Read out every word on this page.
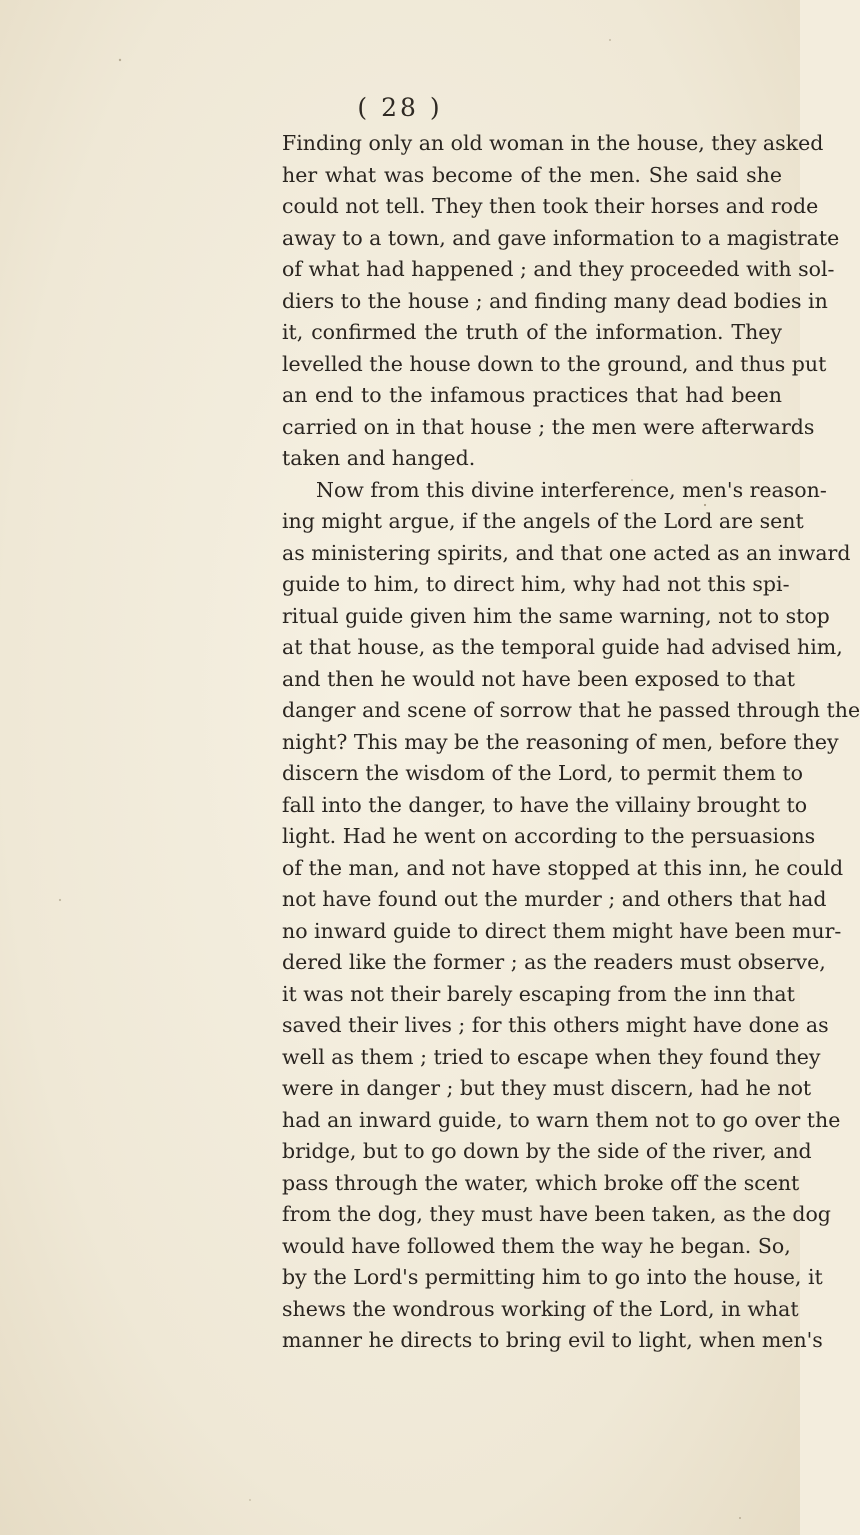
( 28 )
Finding only an old woman in the house, they asked
her what was become of the men. She said she
could not tell. They then took their horses and rode
away to a town, and gave information to a magistrate
of what had happened ; and they proceeded with sol-
diers to the house ; and finding many dead bodies in
it, confirmed the truth of the information. They
levelled the house down to the ground, and thus put
an end to the infamous practices that had been
carried on in that house ; the men were afterwards
taken and hanged.
Now from this divine interference, men's reason-
ing might argue, if the angels of the Lord are sent
as ministering spirits, and that one acted as an inward
guide to him, to direct him, why had not this spi-
ritual guide given him the same warning, not to stop
at that house, as the temporal guide had advised him,
and then he would not have been exposed to that
danger and scene of sorrow that he passed through the
night? This may be the reasoning of men, before they
discern the wisdom of the Lord, to permit them to
fall into the danger, to have the villainy brought to
light. Had he went on according to the persuasions
of the man, and not have stopped at this inn, he could
not have found out the murder ; and others that had
no inward guide to direct them might have been mur-
dered like the former ; as the readers must observe,
it was not their barely escaping from the inn that
saved their lives ; for this others might have done as
well as them ; tried to escape when they found they
were in danger ; but they must discern, had he not
had an inward guide, to warn them not to go over the
bridge, but to go down by the side of the river, and
pass through the water, which broke off the scent
from the dog, they must have been taken, as the dog
would have followed them the way he began. So,
by the Lord's permitting him to go into the house, it
shews the wondrous working of the Lord, in what
manner he directs to bring evil to light, when men's
